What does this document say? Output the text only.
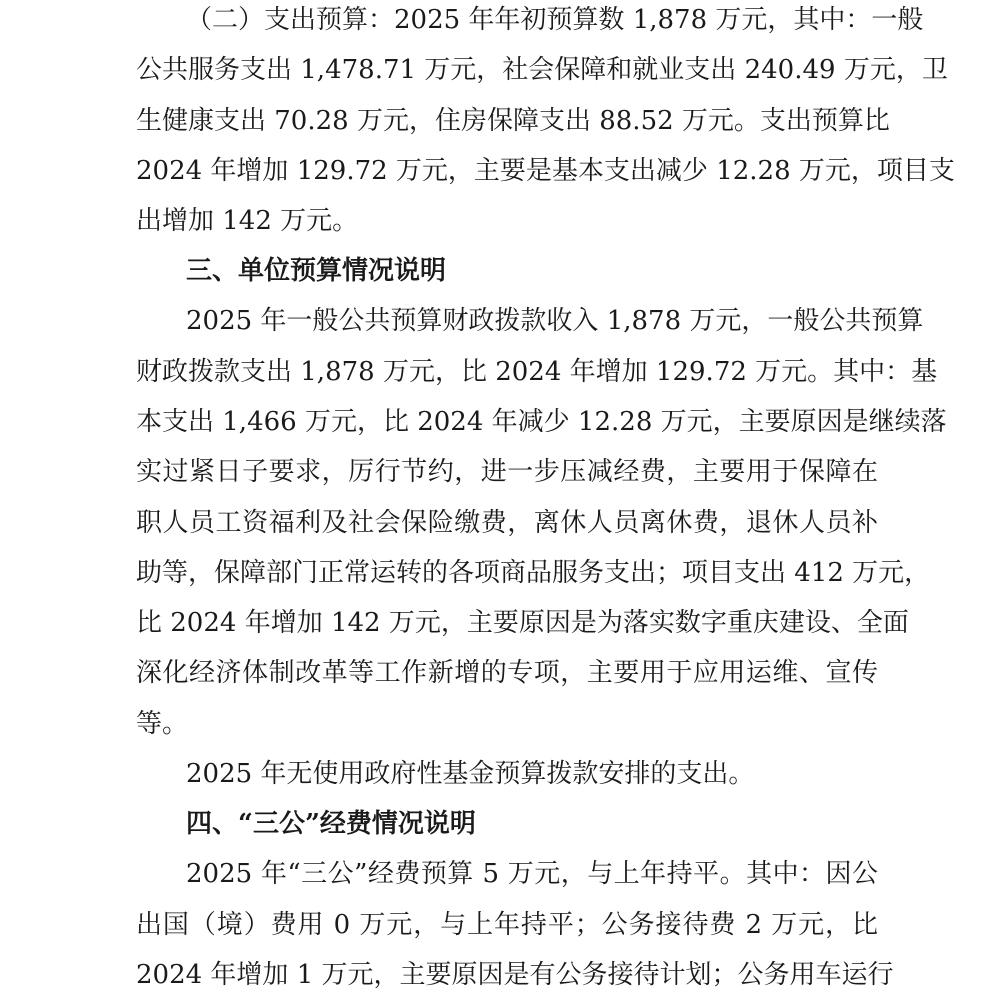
（二）支出预算：2025 年年初预算数 1,878 万元，其中：一般
公共服务支出 1,478.71 万元，社会保障和就业支出 240.49 万元，卫
生健康支出 70.28 万元，住房保障支出 88.52 万元。支出预算比
2024 年增加 129.72 万元，主要是基本支出减少 12.28 万元，项目支
出增加 142 万元。
三、单位预算情况说明
2025 年一般公共预算财政拨款收入 1,878 万元，一般公共预算
财政拨款支出 1,878 万元，比 2024 年增加 129.72 万元。其中：基
本支出 1,466 万元，比 2024 年减少 12.28 万元，主要原因是继续落
实过紧日子要求，厉行节约，进一步压减经费，主要用于保障在
职人员工资福利及社会保险缴费，离休人员离休费，退休人员补
助等，保障部门正常运转的各项商品服务支出；项目支出 412 万元，
比 2024 年增加 142 万元，主要原因是为落实数字重庆建设、全面
深化经济体制改革等工作新增的专项，主要用于应用运维、宣传
等。
2025 年无使用政府性基金预算拨款安排的支出。
四、“三公”经费情况说明
2025 年“三公”经费预算 5 万元，与上年持平。其中：因公
出国（境）费用 0 万元，与上年持平；公务接待费 2 万元，比
2024 年增加 1 万元，主要原因是有公务接待计划；公务用车运行
